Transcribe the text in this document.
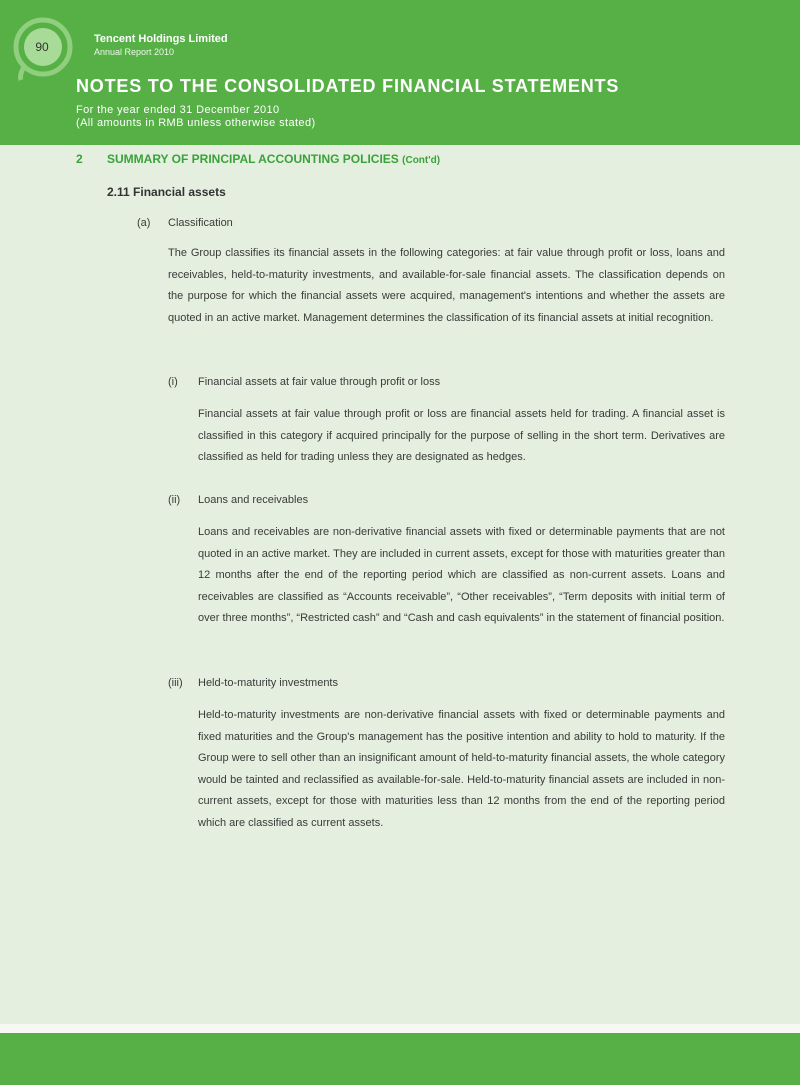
90
Tencent Holdings Limited
Annual Report 2010
NOTES TO THE CONSOLIDATED FINANCIAL STATEMENTS
For the year ended 31 December 2010
(All amounts in RMB unless otherwise stated)
2 SUMMARY OF PRINCIPAL ACCOUNTING POLICIES (Cont'd)
2.11 Financial assets
(a) Classification
The Group classifies its financial assets in the following categories: at fair value through profit or loss, loans and receivables, held-to-maturity investments, and available-for-sale financial assets. The classification depends on the purpose for which the financial assets were acquired, management's intentions and whether the assets are quoted in an active market. Management determines the classification of its financial assets at initial recognition.
(i) Financial assets at fair value through profit or loss
Financial assets at fair value through profit or loss are financial assets held for trading. A financial asset is classified in this category if acquired principally for the purpose of selling in the short term. Derivatives are classified as held for trading unless they are designated as hedges.
(ii) Loans and receivables
Loans and receivables are non-derivative financial assets with fixed or determinable payments that are not quoted in an active market. They are included in current assets, except for those with maturities greater than 12 months after the end of the reporting period which are classified as non-current assets. Loans and receivables are classified as “Accounts receivable”, “Other receivables”, “Term deposits with initial term of over three months”, “Restricted cash” and “Cash and cash equivalents” in the statement of financial position.
(iii) Held-to-maturity investments
Held-to-maturity investments are non-derivative financial assets with fixed or determinable payments and fixed maturities and the Group's management has the positive intention and ability to hold to maturity. If the Group were to sell other than an insignificant amount of held-to-maturity financial assets, the whole category would be tainted and reclassified as available-for-sale. Held-to-maturity financial assets are included in non-current assets, except for those with maturities less than 12 months from the end of the reporting period which are classified as current assets.
